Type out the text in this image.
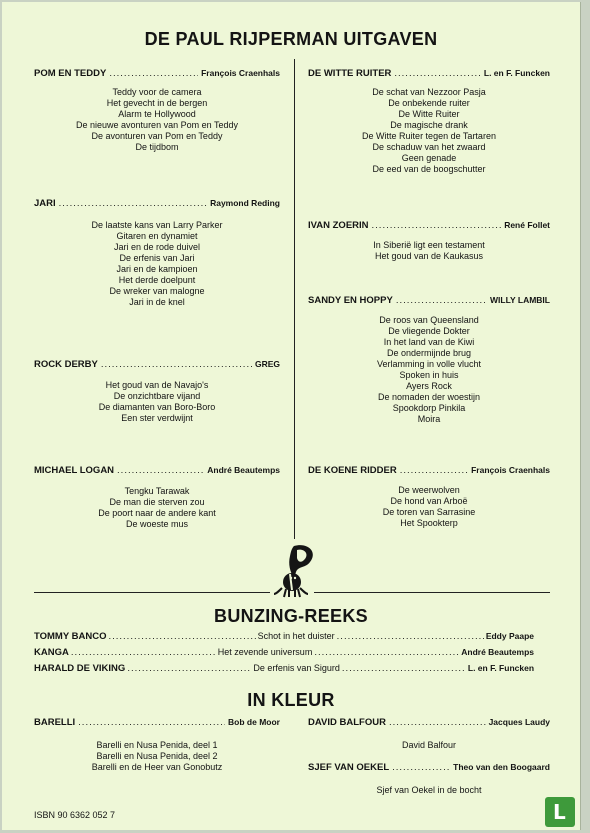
DE PAUL RIJPERMAN UITGAVEN
POM EN TEDDY .....	François Craenhals
Teddy voor de camera
Het gevecht in de bergen
Alarm te Hollywood
De nieuwe avonturen van Pom en Teddy
De avonturen van Pom en Teddy
De tijdbom
JARI .....	Raymond Reding
De laatste kans van Larry Parker
Gitaren en dynamiet
Jari en de rode duivel
De erfenis van Jari
Jari en de kampioen
Het derde doelpunt
De wreker van malogne
Jari in de knel
ROCK DERBY .....	GREG
Het goud van de Navajo's
De onzichtbare vijand
De diamanten van Boro-Boro
Een ster verdwijnt
MICHAEL LOGAN .....	André Beautemps
Tengku Tarawak
De man die sterven zou
De poort naar de andere kant
De woeste mus
DE WITTE RUITER .....	L. en F. Funcken
De schat van Nezzoor Pasja
De onbekende ruiter
De Witte Ruiter
De magische drank
De Witte Ruiter tegen de Tartaren
De schaduw van het zwaard
Geen genade
De eed van de boogschutter
IVAN ZOERIN .....	René Follet
In Siberië ligt een testament
Het goud van de Kaukasus
SANDY EN HOPPY .....	WILLY LAMBIL
De roos van Queensland
De vliegende Dokter
In het land van de Kiwi
De ondermijnde brug
Verlamming in volle vlucht
Spoken in huis
Ayers Rock
De nomaden der woestijn
Spookdorp Pinkila
Moira
DE KOENE RIDDER .....	François Craenhals
De weerwolven
De hond van Arboë
De toren van Sarrasine
Het Spookterp
BUNZING-REEKS
TOMMY BANCO .....	Schot in het duister .....	Eddy Paape
KANGA .....	Het zevende universum .....	André Beautemps
HARALD DE VIKING .....	De erfenis van Sigurd .....	L. en F. Funcken
IN KLEUR
BARELLI .....	Bob de Moor
Barelli en Nusa Penida, deel 1
Barelli en Nusa Penida, deel 2
Barelli en de Heer van Gonobutz
DAVID BALFOUR .....	Jacques Laudy
David Balfour
SJEF VAN OEKEL .....	Theo van den Boogaard
Sjef van Oekel in de bocht
ISBN 90 6362 052 7	L
